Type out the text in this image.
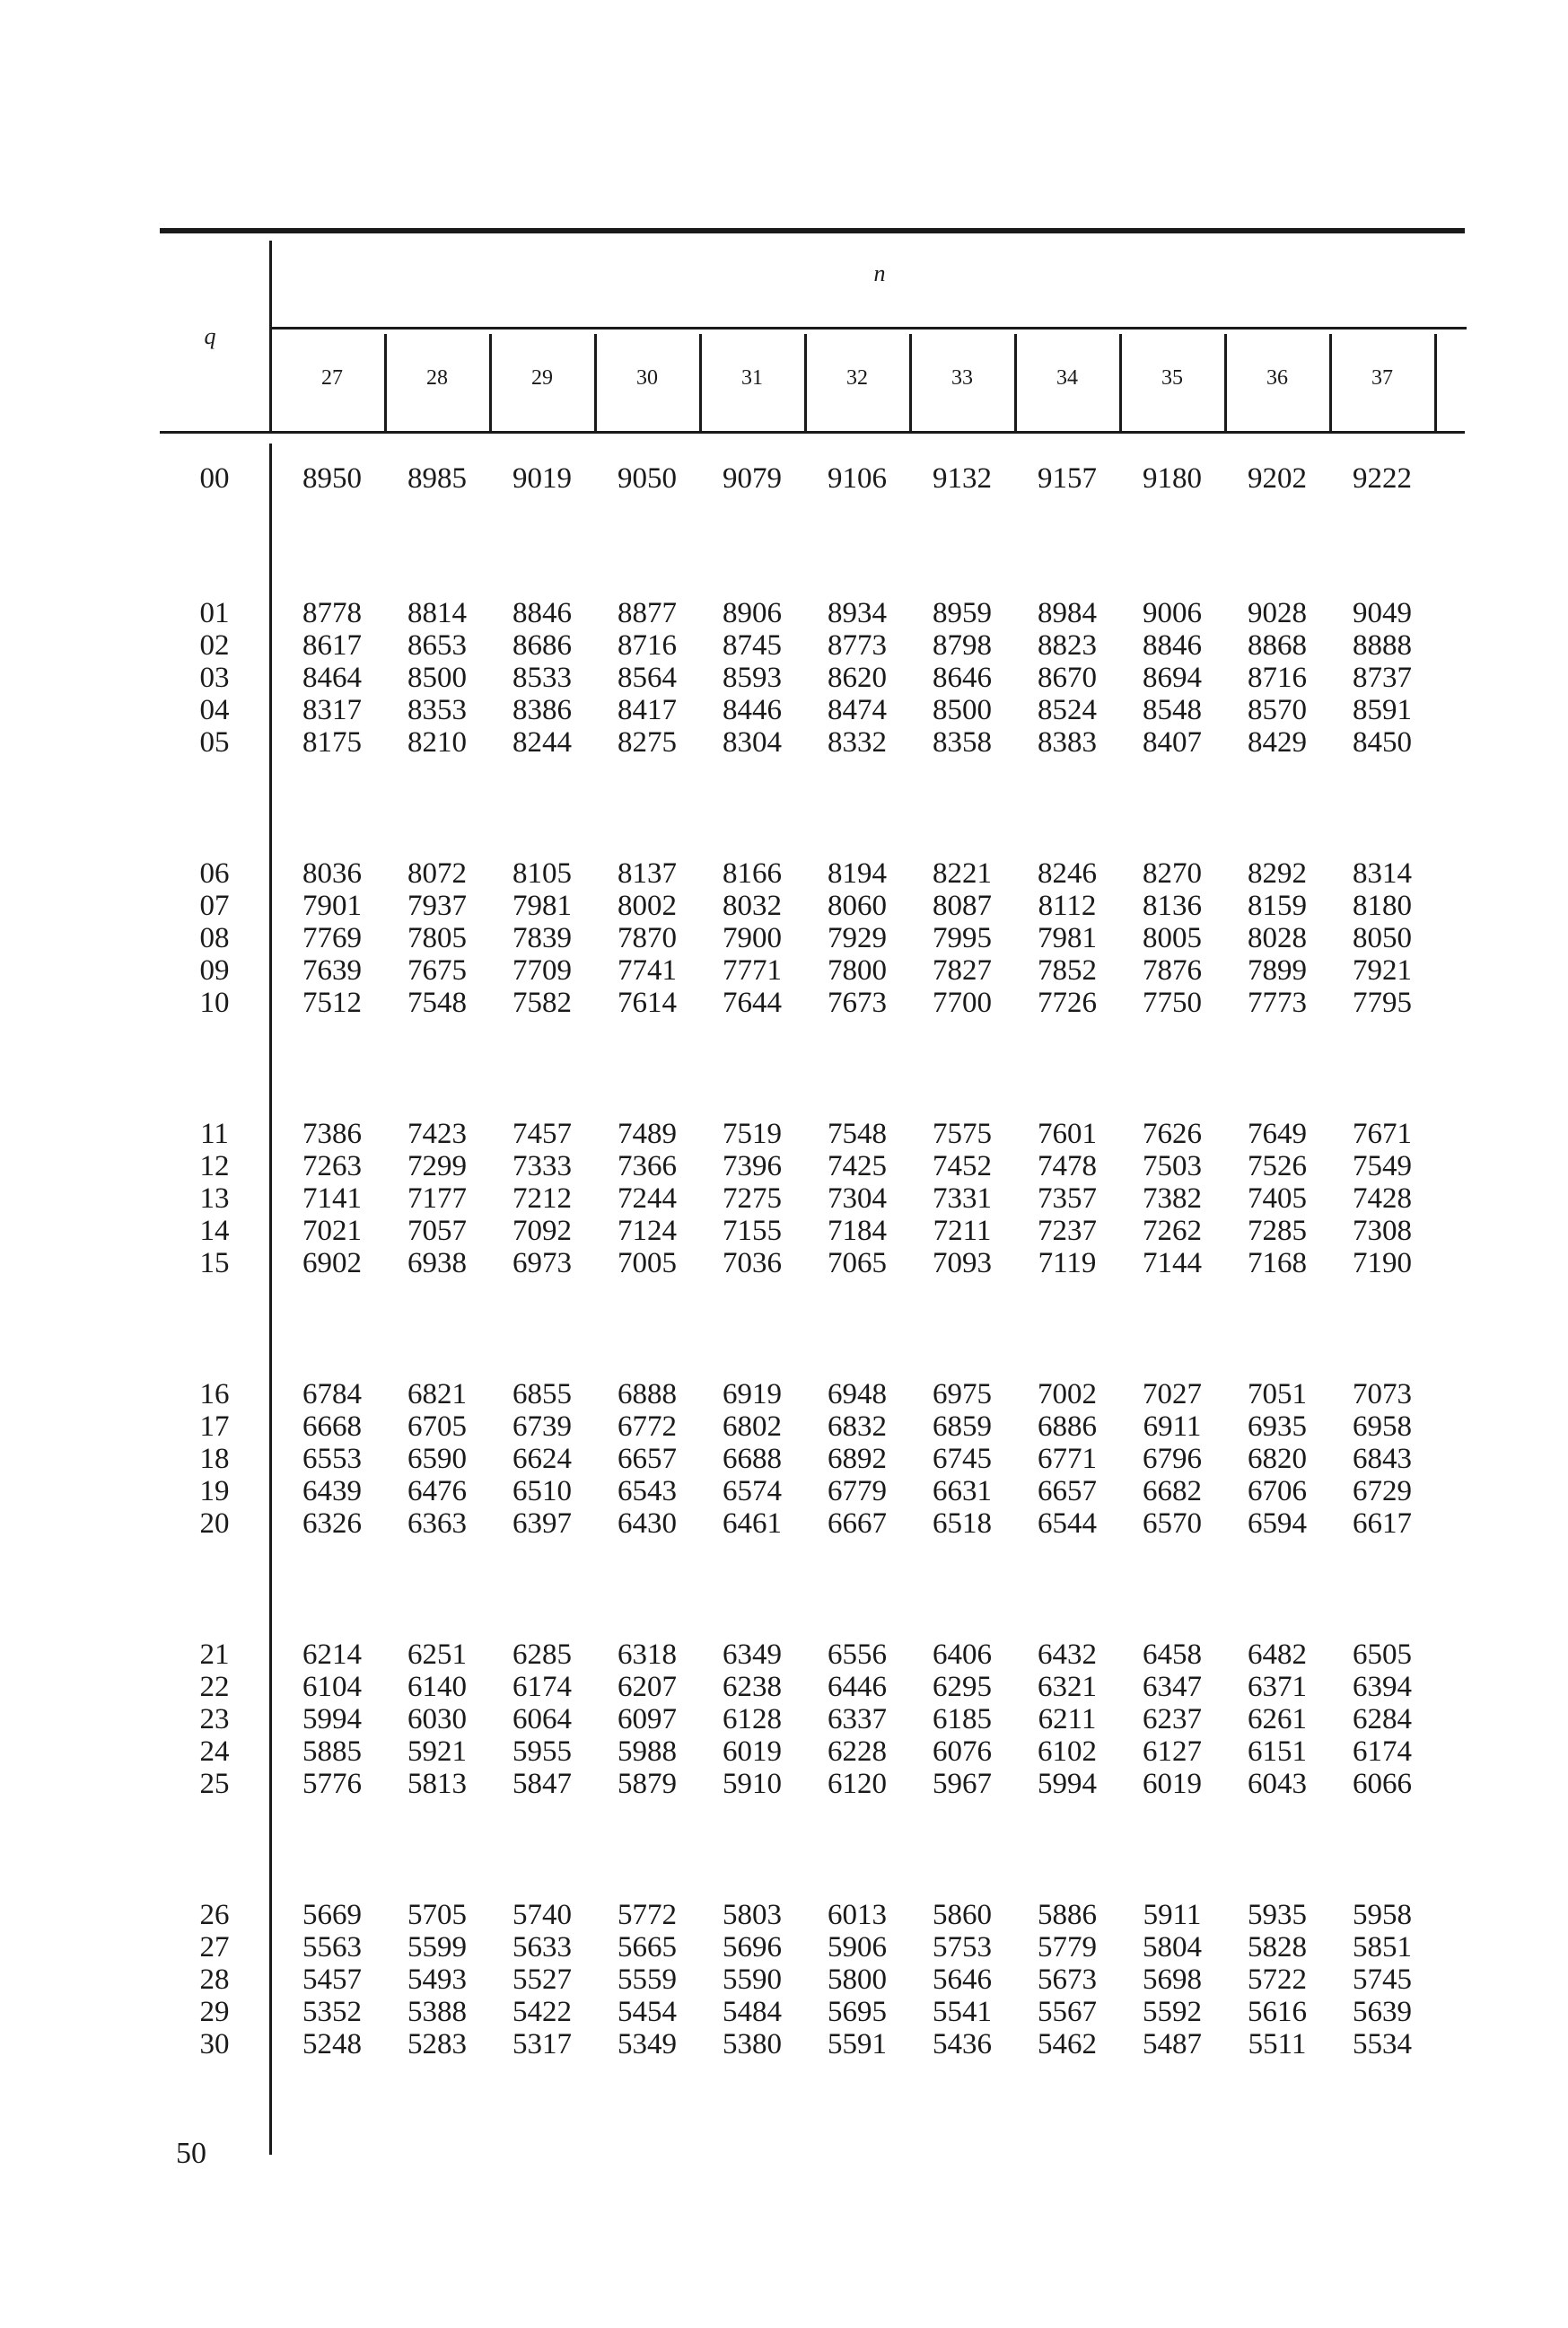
n
q
27	28	29	30	31	32	33	34	35	36	37
00	8950	8985	9019	9050	9079	9106	9132	9157	9180	9202	9222
01	8778	8814	8846	8877	8906	8934	8959	8984	9006	9028	9049
02	8617	8653	8686	8716	8745	8773	8798	8823	8846	8868	8888
03	8464	8500	8533	8564	8593	8620	8646	8670	8694	8716	8737
04	8317	8353	8386	8417	8446	8474	8500	8524	8548	8570	8591
05	8175	8210	8244	8275	8304	8332	8358	8383	8407	8429	8450
06	8036	8072	8105	8137	8166	8194	8221	8246	8270	8292	8314
07	7901	7937	7981	8002	8032	8060	8087	8112	8136	8159	8180
08	7769	7805	7839	7870	7900	7929	7995	7981	8005	8028	8050
09	7639	7675	7709	7741	7771	7800	7827	7852	7876	7899	7921
10	7512	7548	7582	7614	7644	7673	7700	7726	7750	7773	7795
11	7386	7423	7457	7489	7519	7548	7575	7601	7626	7649	7671
12	7263	7299	7333	7366	7396	7425	7452	7478	7503	7526	7549
13	7141	7177	7212	7244	7275	7304	7331	7357	7382	7405	7428
14	7021	7057	7092	7124	7155	7184	7211	7237	7262	7285	7308
15	6902	6938	6973	7005	7036	7065	7093	7119	7144	7168	7190
16	6784	6821	6855	6888	6919	6948	6975	7002	7027	7051	7073
17	6668	6705	6739	6772	6802	6832	6859	6886	6911	6935	6958
18	6553	6590	6624	6657	6688	6892	6745	6771	6796	6820	6843
19	6439	6476	6510	6543	6574	6779	6631	6657	6682	6706	6729
20	6326	6363	6397	6430	6461	6667	6518	6544	6570	6594	6617
21	6214	6251	6285	6318	6349	6556	6406	6432	6458	6482	6505
22	6104	6140	6174	6207	6238	6446	6295	6321	6347	6371	6394
23	5994	6030	6064	6097	6128	6337	6185	6211	6237	6261	6284
24	5885	5921	5955	5988	6019	6228	6076	6102	6127	6151	6174
25	5776	5813	5847	5879	5910	6120	5967	5994	6019	6043	6066
26	5669	5705	5740	5772	5803	6013	5860	5886	5911	5935	5958
27	5563	5599	5633	5665	5696	5906	5753	5779	5804	5828	5851
28	5457	5493	5527	5559	5590	5800	5646	5673	5698	5722	5745
29	5352	5388	5422	5454	5484	5695	5541	5567	5592	5616	5639
30	5248	5283	5317	5349	5380	5591	5436	5462	5487	5511	5534
50
